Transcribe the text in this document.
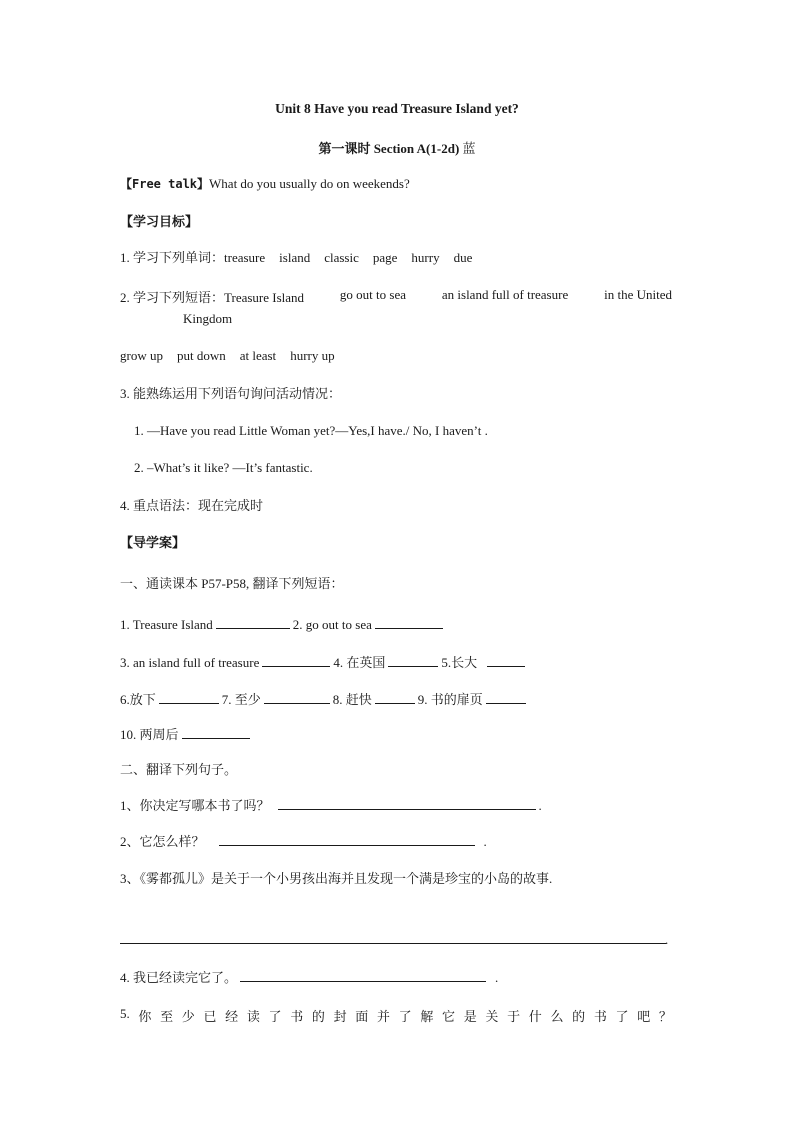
Unit 8 Have you read Treasure Island yet?
第一课时 Section A(1-2d) 蓝
【Free talk】What do you usually do on weekends?
【学习目标】
1. 学习下列单词：treasure island classic page hurry due
2. 学习下列短语：Treasure Island	go out to sea	an island full of treasure	in the United
Kingdom
grow up put down at least hurry up
3. 能熟练运用下列语句询问活动情况：
1. —Have you read Little Woman yet?—Yes,I have./ No, I haven’t .
2. –What’s it like? —It’s fantastic.
4. 重点语法：现在完成时
【导学案】
一、通读课本 P57-P58, 翻译下列短语：
1. Treasure Island	2. go out to sea
3. an island full of treasure	4. 在英国	5.长大
6.放下	7. 至少	8. 赶快	9. 书的扉页
10. 两周后
二、翻译下列句子。
1、你决定写哪本书了吗？	.
2、它怎么样？	.
3、《雾都孤儿》是关于一个小男孩出海并且发现一个满是珍宝的小岛的故事.
.
4. 我已经读完它了。	.
5. 你 至 少 已 经 读 了 书 的 封 面 并 了 解 它 是 关 于 什 么 的 书 了 吧 ？
